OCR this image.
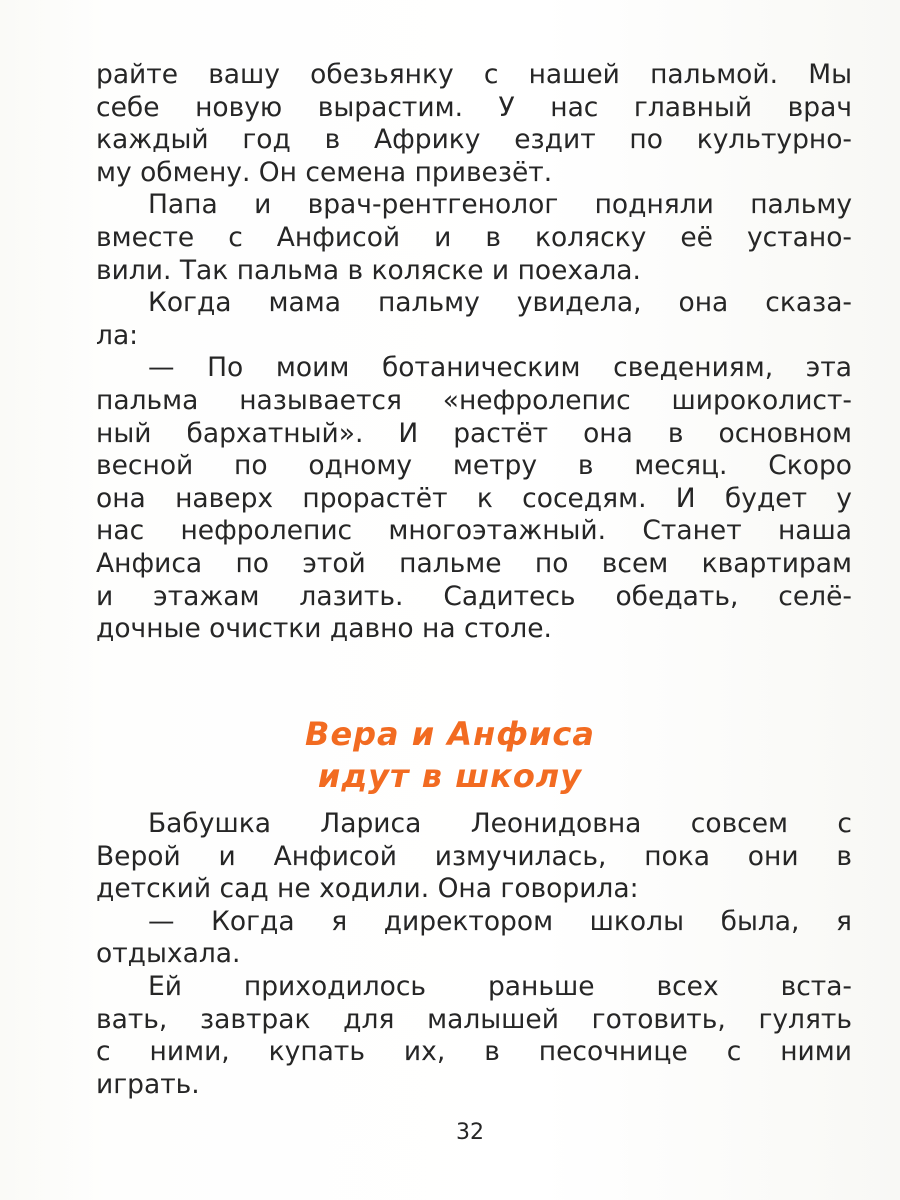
райте вашу обезьянку с нашей пальмой. Мы
себе новую вырастим. У нас главный врач
каждый год в Африку ездит по культурно-
му обмену. Он семена привезёт.
Папа и врач-рентгенолог подняли пальму
вместе с Анфисой и в коляску её устано-
вили. Так пальма в коляске и поехала.
Когда мама пальму увидела, она сказа-
ла:
— По моим ботаническим сведениям, эта
пальма называется «нефролепис широколист-
ный бархатный». И растёт она в основном
весной по одному метру в месяц. Скоро
она наверх прорастёт к соседям. И будет у
нас нефролепис многоэтажный. Станет наша
Анфиса по этой пальме по всем квартирам
и этажам лазить. Садитесь обедать, селё-
дочные очистки давно на столе.
Вера и Анфиса
идут в школу
Бабушка Лариса Леонидовна совсем с
Верой и Анфисой измучилась, пока они в
детский сад не ходили. Она говорила:
— Когда я директором школы была, я
отдыхала.
Ей приходилось раньше всех вста-
вать, завтрак для малышей готовить, гулять
с ними, купать их, в песочнице с ними
играть.
32
